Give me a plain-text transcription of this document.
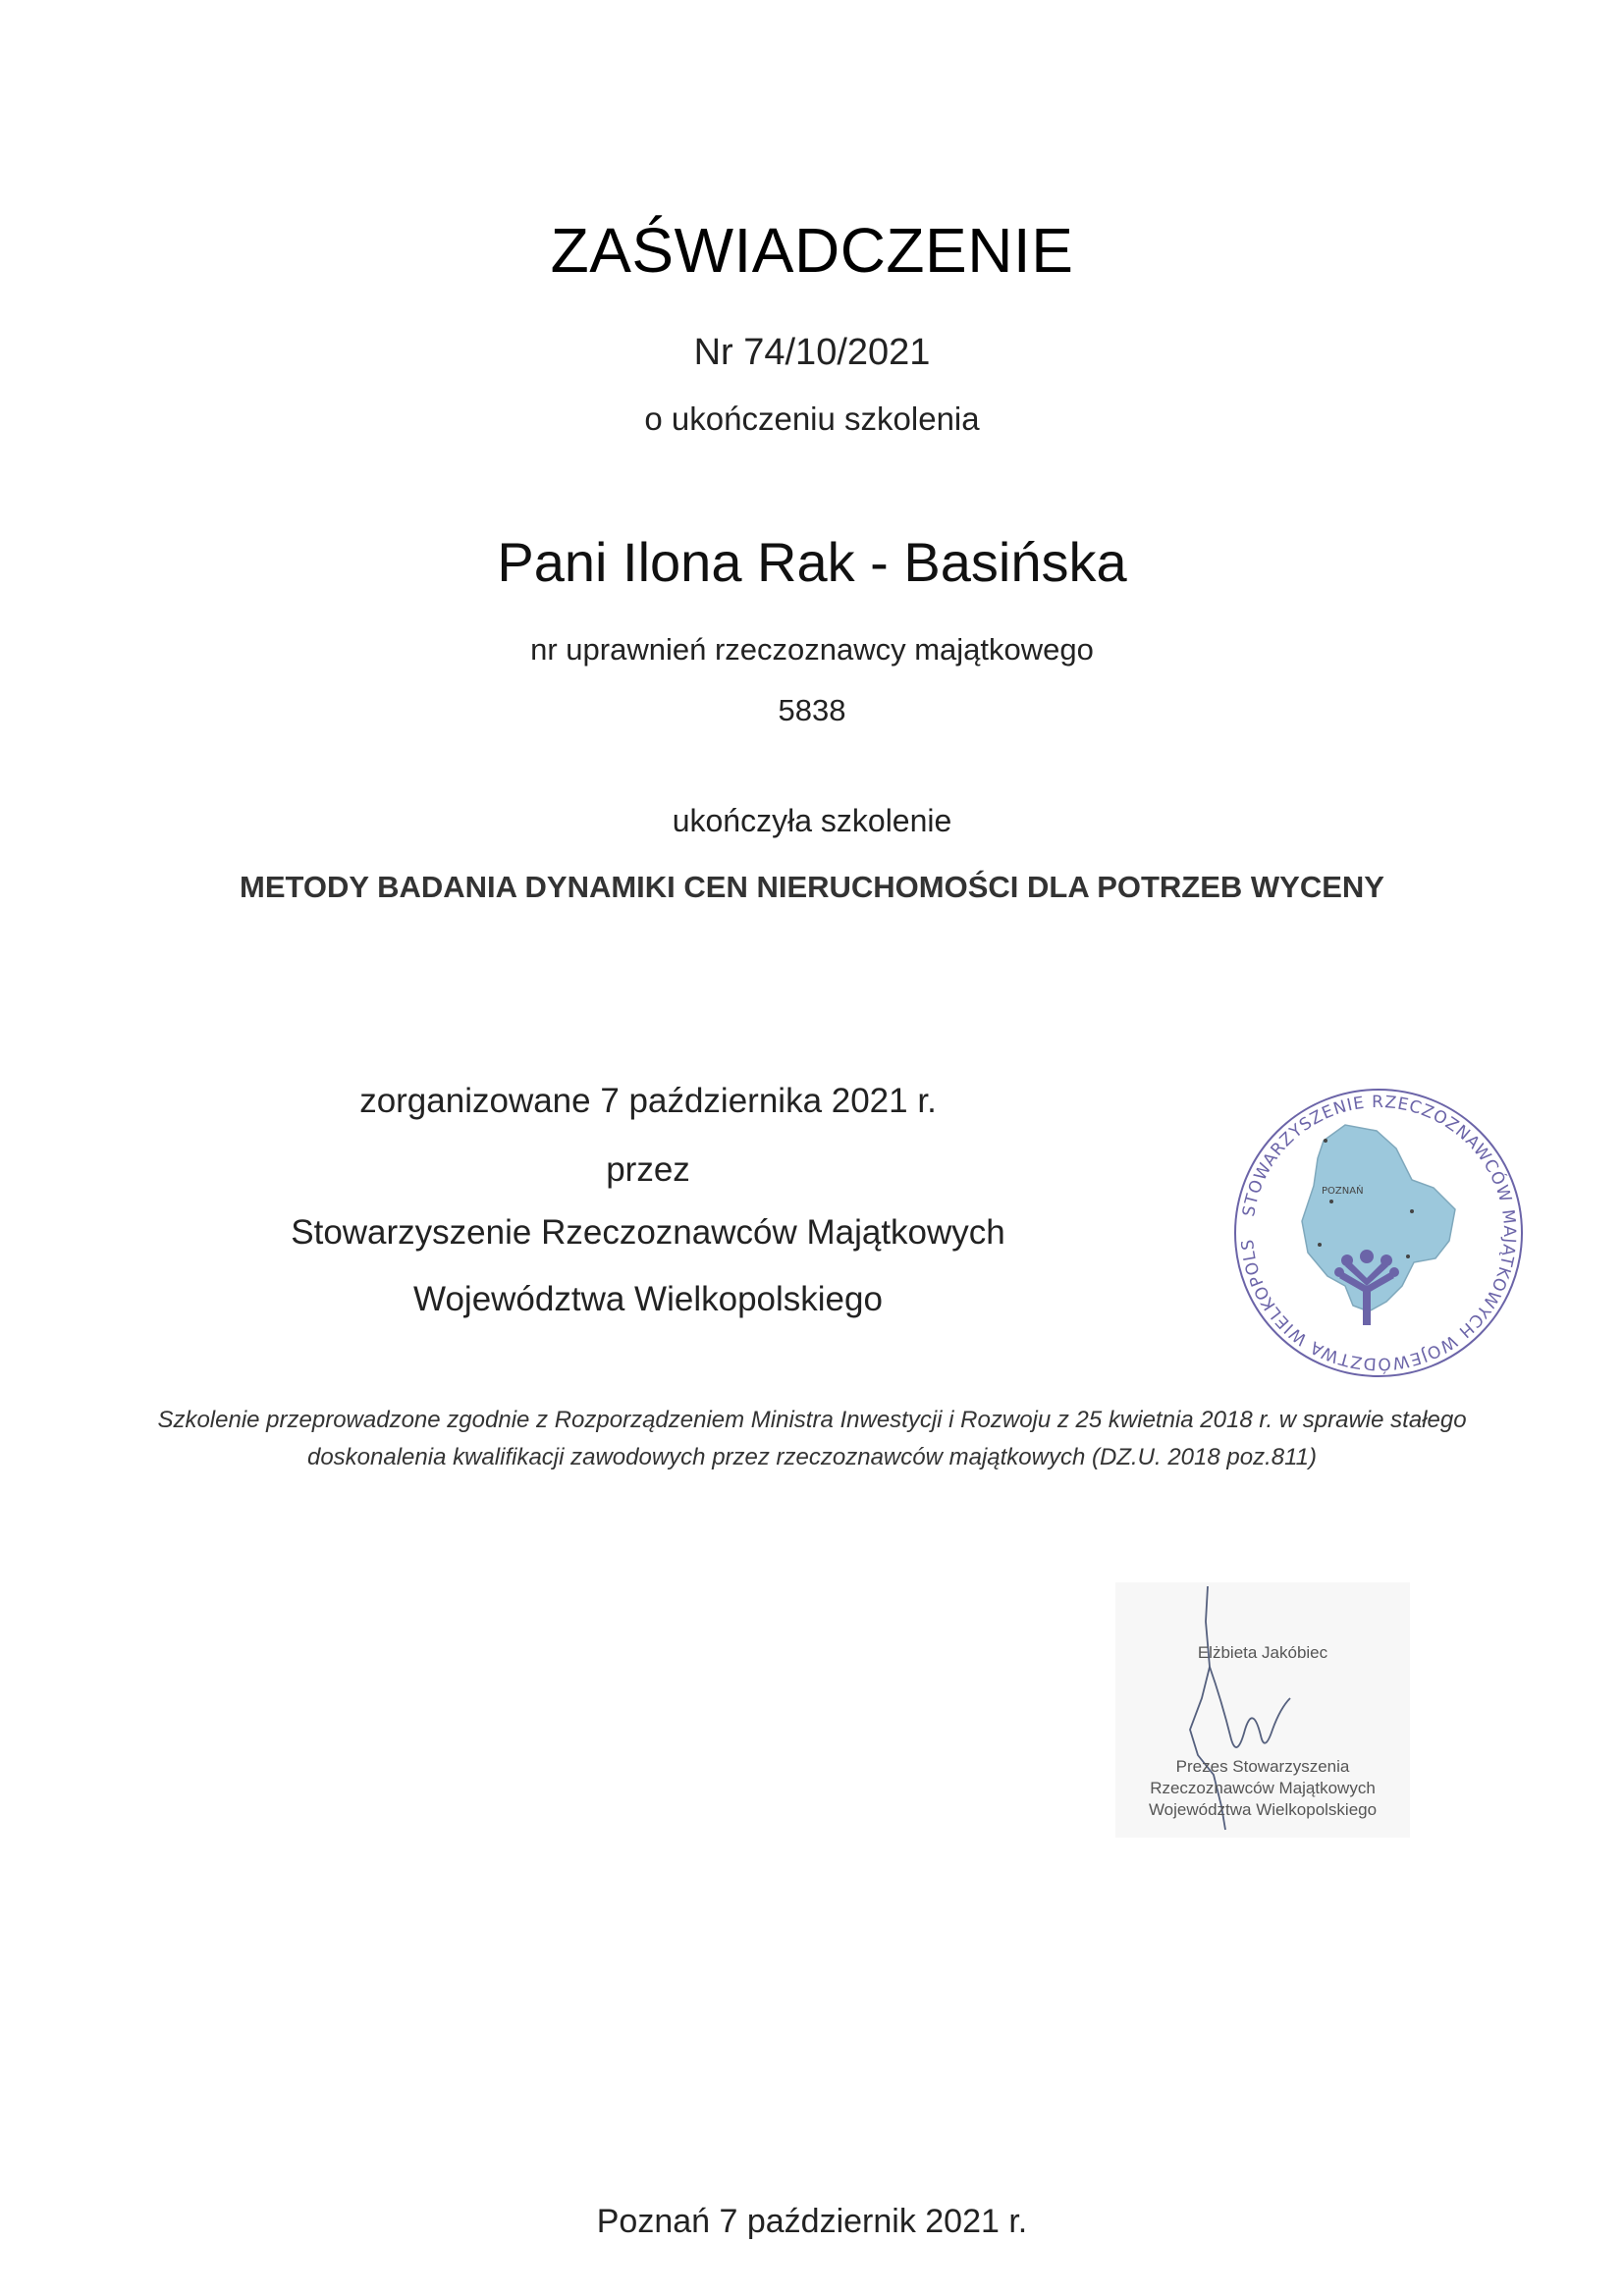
ZAŚWIADCZENIE
Nr 74/10/2021
o ukończeniu szkolenia
Pani Ilona Rak - Basińska
nr uprawnień rzeczoznawcy majątkowego
5838
ukończyła szkolenie
METODY BADANIA DYNAMIKI CEN NIERUCHOMOŚCI DLA POTRZEB WYCENY
zorganizowane 7 października 2021 r.
przez
Stowarzyszenie Rzeczoznawców Majątkowych
Województwa Wielkopolskiego
STOWARZYSZENIE RZECZOZNAWCÓW MAJĄTKOWYCH WOJEWÓDZTWA WIELKOPOLS
POZNAŃ
Szkolenie przeprowadzone zgodnie z Rozporządzeniem Ministra Inwestycji i Rozwoju z 25 kwietnia 2018 r. w sprawie stałego
doskonalenia kwalifikacji zawodowych przez rzeczoznawców majątkowych (DZ.U. 2018 poz.811)
Elżbieta Jakóbiec
Prezes Stowarzyszenia
Rzeczoznawców Majątkowych
Województwa Wielkopolskiego
Poznań 7 październik 2021 r.
